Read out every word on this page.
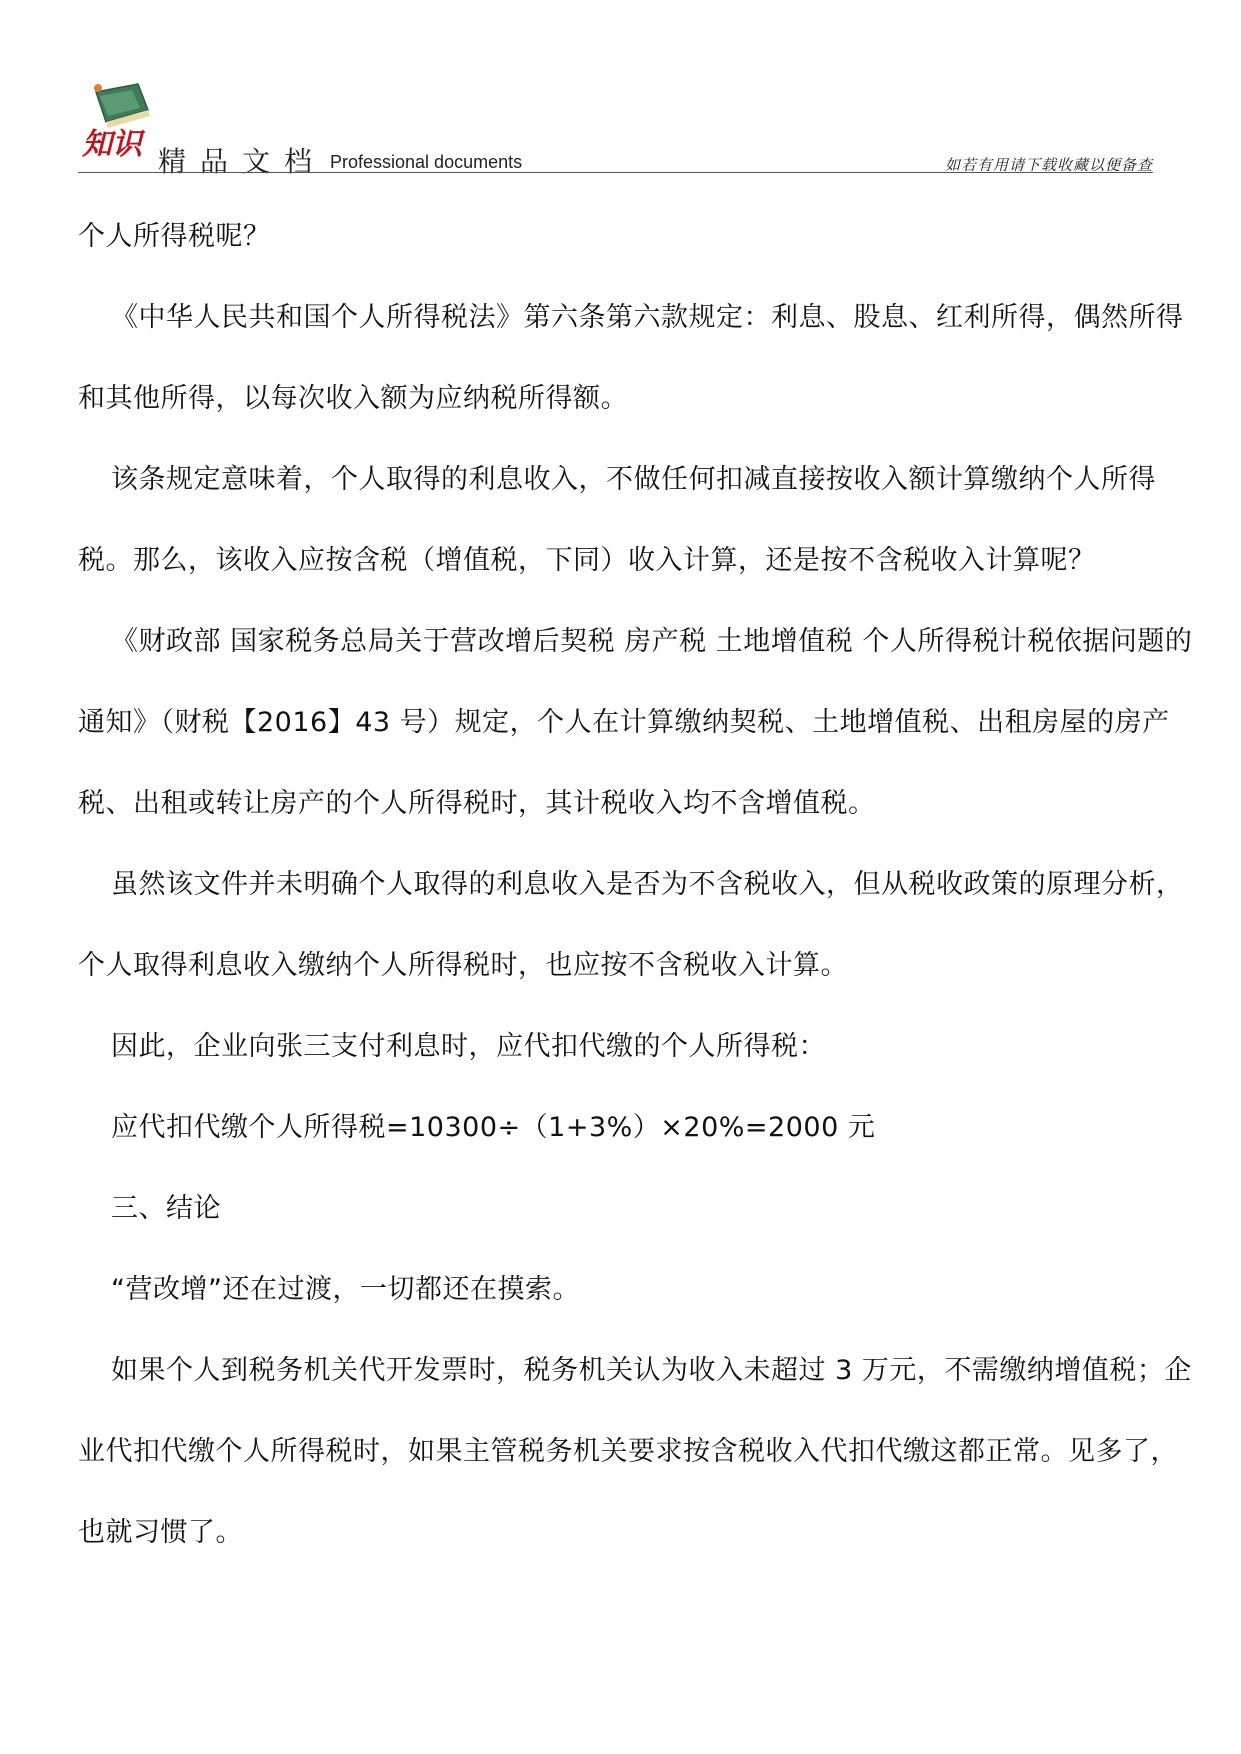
知识 精品文档 Professional documents	如若有用请下载收藏以便备查

个人所得税呢？

《中华人民共和国个人所得税法》第六条第六款规定：利息、股息、红利所得，偶然所得和其他所得，以每次收入额为应纳税所得额。

该条规定意味着，个人取得的利息收入，不做任何扣减直接按收入额计算缴纳个人所得税。那么，该收入应按含税（增值税，下同）收入计算，还是按不含税收入计算呢？

《财政部 国家税务总局关于营改增后契税 房产税 土地增值税 个人所得税计税依据问题的通知》（财税【2016】43 号）规定，个人在计算缴纳契税、土地增值税、出租房屋的房产税、出租或转让房产的个人所得税时，其计税收入均不含增值税。

虽然该文件并未明确个人取得的利息收入是否为不含税收入，但从税收政策的原理分析，个人取得利息收入缴纳个人所得税时，也应按不含税收入计算。

因此，企业向张三支付利息时，应代扣代缴的个人所得税：

应代扣代缴个人所得税=10300÷（1+3%）×20%=2000 元

三、结论

“营改增”还在过渡，一切都还在摸索。

如果个人到税务机关代开发票时，税务机关认为收入未超过 3 万元，不需缴纳增值税；企业代扣代缴个人所得税时，如果主管税务机关要求按含税收入代扣代缴这都正常。见多了，也就习惯了。
